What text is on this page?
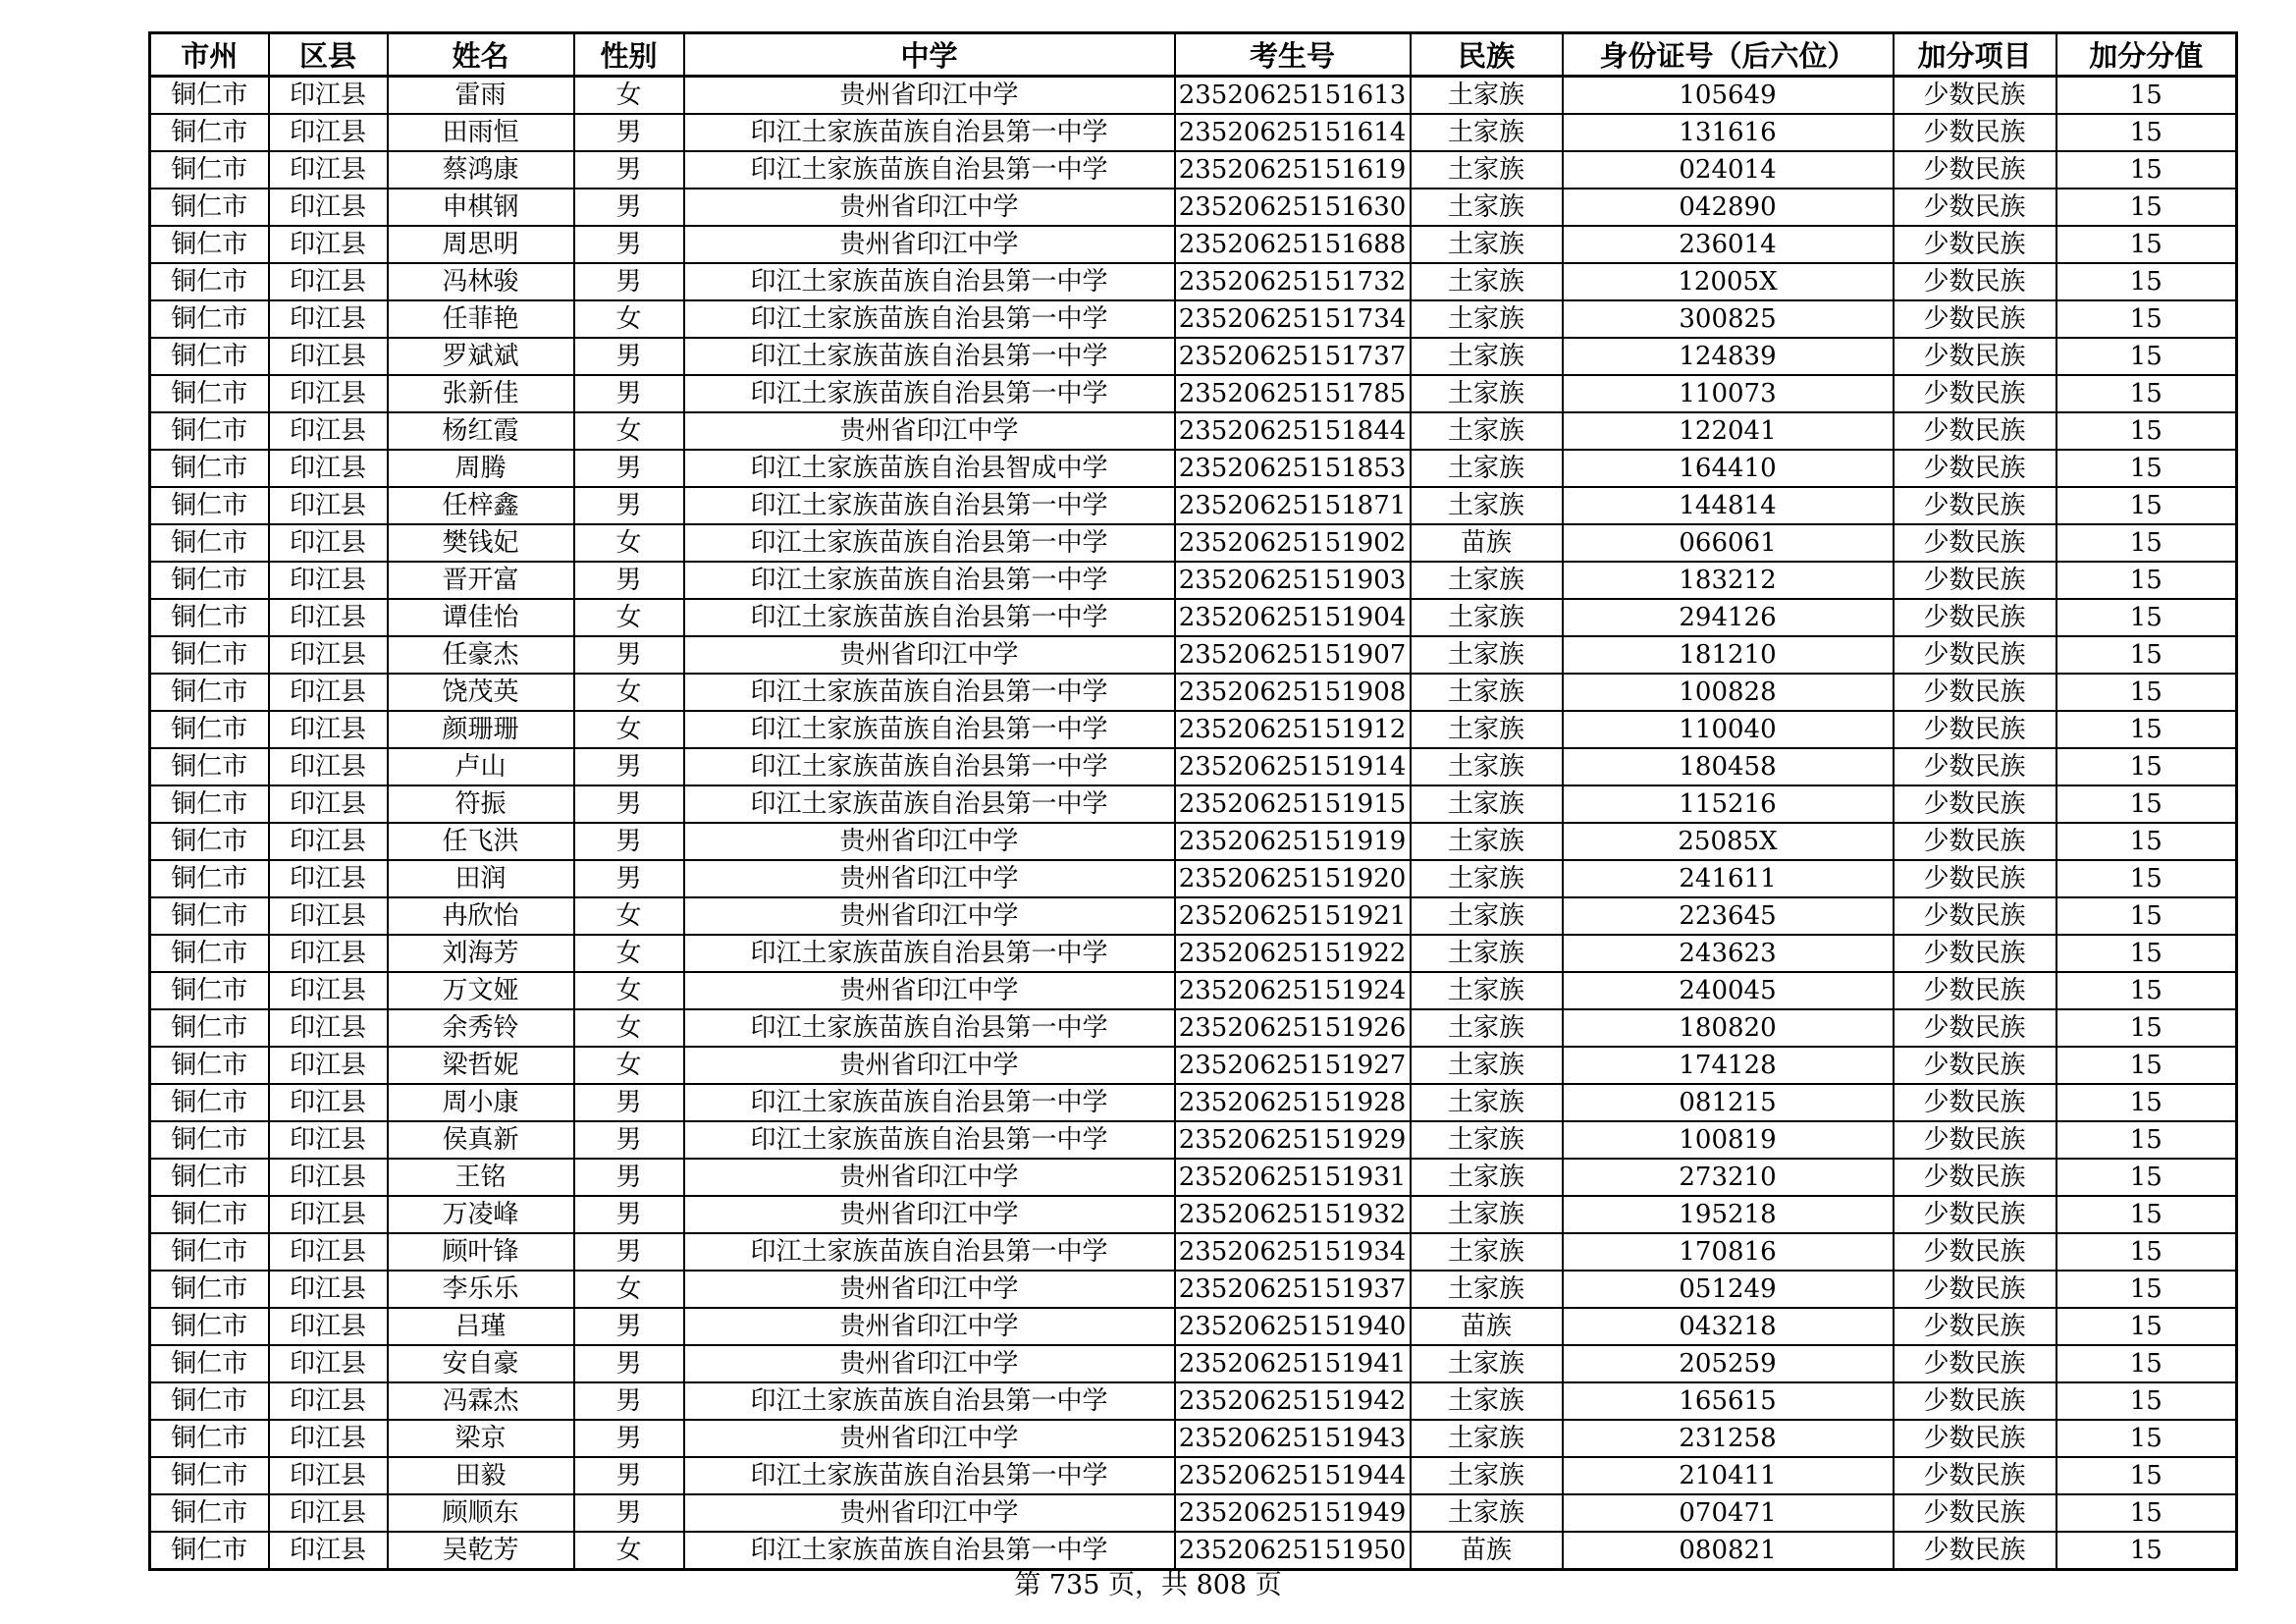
市州	区县	姓名	性别	中学	考生号	民族	身份证号（后六位）	加分项目	加分分值
铜仁市	印江县	雷雨	女	贵州省印江中学	23520625151613	土家族	105649	少数民族	15
铜仁市	印江县	田雨恒	男	印江土家族苗族自治县第一中学	23520625151614	土家族	131616	少数民族	15
铜仁市	印江县	蔡鸿康	男	印江土家族苗族自治县第一中学	23520625151619	土家族	024014	少数民族	15
铜仁市	印江县	申棋钢	男	贵州省印江中学	23520625151630	土家族	042890	少数民族	15
铜仁市	印江县	周思明	男	贵州省印江中学	23520625151688	土家族	236014	少数民族	15
铜仁市	印江县	冯林骏	男	印江土家族苗族自治县第一中学	23520625151732	土家族	12005X	少数民族	15
铜仁市	印江县	任菲艳	女	印江土家族苗族自治县第一中学	23520625151734	土家族	300825	少数民族	15
铜仁市	印江县	罗斌斌	男	印江土家族苗族自治县第一中学	23520625151737	土家族	124839	少数民族	15
铜仁市	印江县	张新佳	男	印江土家族苗族自治县第一中学	23520625151785	土家族	110073	少数民族	15
铜仁市	印江县	杨红霞	女	贵州省印江中学	23520625151844	土家族	122041	少数民族	15
铜仁市	印江县	周腾	男	印江土家族苗族自治县智成中学	23520625151853	土家族	164410	少数民族	15
铜仁市	印江县	任梓鑫	男	印江土家族苗族自治县第一中学	23520625151871	土家族	144814	少数民族	15
铜仁市	印江县	樊钱妃	女	印江土家族苗族自治县第一中学	23520625151902	苗族	066061	少数民族	15
铜仁市	印江县	晋开富	男	印江土家族苗族自治县第一中学	23520625151903	土家族	183212	少数民族	15
铜仁市	印江县	谭佳怡	女	印江土家族苗族自治县第一中学	23520625151904	土家族	294126	少数民族	15
铜仁市	印江县	任豪杰	男	贵州省印江中学	23520625151907	土家族	181210	少数民族	15
铜仁市	印江县	饶茂英	女	印江土家族苗族自治县第一中学	23520625151908	土家族	100828	少数民族	15
铜仁市	印江县	颜珊珊	女	印江土家族苗族自治县第一中学	23520625151912	土家族	110040	少数民族	15
铜仁市	印江县	卢山	男	印江土家族苗族自治县第一中学	23520625151914	土家族	180458	少数民族	15
铜仁市	印江县	符振	男	印江土家族苗族自治县第一中学	23520625151915	土家族	115216	少数民族	15
铜仁市	印江县	任飞洪	男	贵州省印江中学	23520625151919	土家族	25085X	少数民族	15
铜仁市	印江县	田润	男	贵州省印江中学	23520625151920	土家族	241611	少数民族	15
铜仁市	印江县	冉欣怡	女	贵州省印江中学	23520625151921	土家族	223645	少数民族	15
铜仁市	印江县	刘海芳	女	印江土家族苗族自治县第一中学	23520625151922	土家族	243623	少数民族	15
铜仁市	印江县	万文娅	女	贵州省印江中学	23520625151924	土家族	240045	少数民族	15
铜仁市	印江县	余秀铃	女	印江土家族苗族自治县第一中学	23520625151926	土家族	180820	少数民族	15
铜仁市	印江县	梁哲妮	女	贵州省印江中学	23520625151927	土家族	174128	少数民族	15
铜仁市	印江县	周小康	男	印江土家族苗族自治县第一中学	23520625151928	土家族	081215	少数民族	15
铜仁市	印江县	侯真新	男	印江土家族苗族自治县第一中学	23520625151929	土家族	100819	少数民族	15
铜仁市	印江县	王铭	男	贵州省印江中学	23520625151931	土家族	273210	少数民族	15
铜仁市	印江县	万凌峰	男	贵州省印江中学	23520625151932	土家族	195218	少数民族	15
铜仁市	印江县	顾叶锋	男	印江土家族苗族自治县第一中学	23520625151934	土家族	170816	少数民族	15
铜仁市	印江县	李乐乐	女	贵州省印江中学	23520625151937	土家族	051249	少数民族	15
铜仁市	印江县	吕瑾	男	贵州省印江中学	23520625151940	苗族	043218	少数民族	15
铜仁市	印江县	安自豪	男	贵州省印江中学	23520625151941	土家族	205259	少数民族	15
铜仁市	印江县	冯霖杰	男	印江土家族苗族自治县第一中学	23520625151942	土家族	165615	少数民族	15
铜仁市	印江县	梁京	男	贵州省印江中学	23520625151943	土家族	231258	少数民族	15
铜仁市	印江县	田毅	男	印江土家族苗族自治县第一中学	23520625151944	土家族	210411	少数民族	15
铜仁市	印江县	顾顺东	男	贵州省印江中学	23520625151949	土家族	070471	少数民族	15
铜仁市	印江县	吴乾芳	女	印江土家族苗族自治县第一中学	23520625151950	苗族	080821	少数民族	15
第 735 页，共 808 页
